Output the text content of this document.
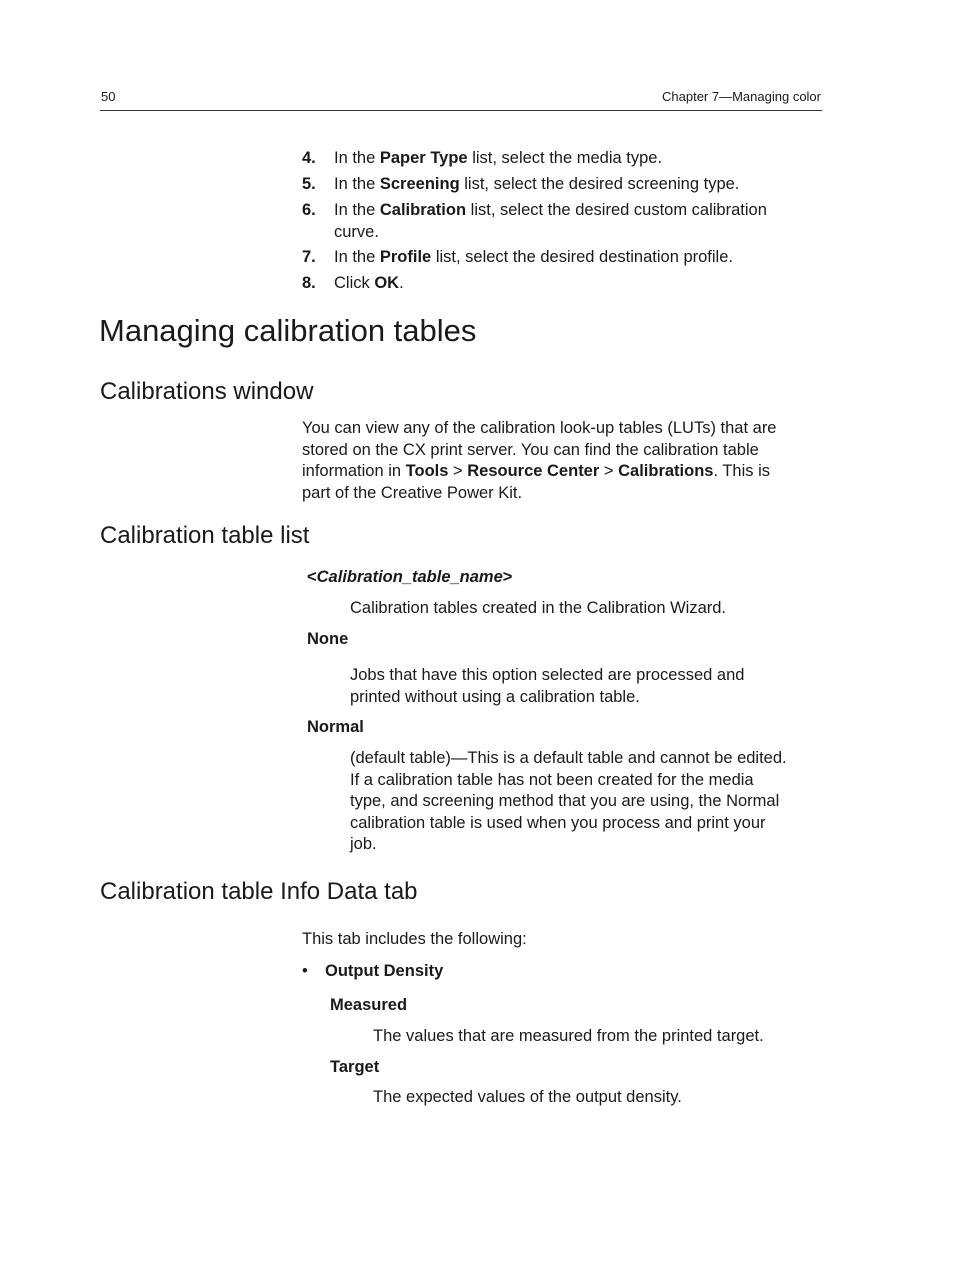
50	Chapter 7—Managing color
4. In the Paper Type list, select the media type.
5. In the Screening list, select the desired screening type.
6. In the Calibration list, select the desired custom calibration
curve.
7. In the Profile list, select the desired destination profile.
8. Click OK.
Managing calibration tables
Calibrations window
You can view any of the calibration look-up tables (LUTs) that are
stored on the CX print server. You can find the calibration table
information in Tools > Resource Center > Calibrations. This is
part of the Creative Power Kit.
Calibration table list
<Calibration_table_name>
Calibration tables created in the Calibration Wizard.
None
Jobs that have this option selected are processed and
printed without using a calibration table.
Normal
(default table)—This is a default table and cannot be edited.
If a calibration table has not been created for the media
type, and screening method that you are using, the Normal
calibration table is used when you process and print your
job.
Calibration table Info Data tab
This tab includes the following:
• Output Density
Measured
The values that are measured from the printed target.
Target
The expected values of the output density.
